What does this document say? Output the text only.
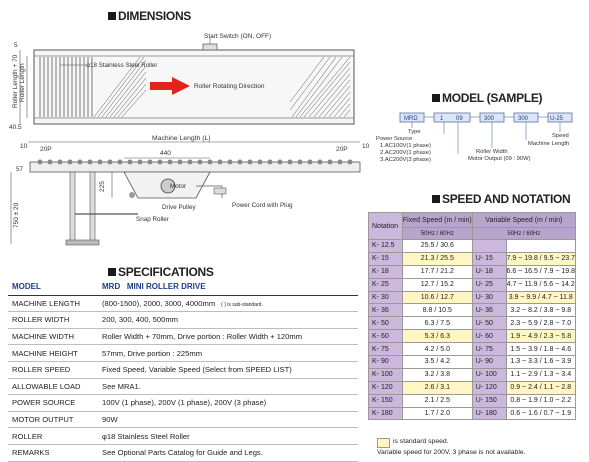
DIMENSIONS
MODEL (SAMPLE)
SPEED AND NOTATION
SPECIFICATIONS
Start Switch (ON, OFF)
φ18 Stainless Steel Roller
Roller Rotating Direction
5
40.5
Roller Length + 70 Roller Length
Machine Length (L)
10	10
20P	20P
440
57
225	Motor
Drive Pulley
Snap Roller
Power Cord with Plug
750 ± 20
MRD	1 09	300	300	U-25
Type
Power Source
1.AC100V(1 phase)
2.AC200V(1 phase)
3.AC200V(3 phase)
Roller Width
Motor Output (09 : 90W)
Speed
Machine Length
Notation	Fixed Speed (m / min)	Variable Speed (m / min)	
	50Hz / 60Hz	50Hz / 60Hz	
K- 12.5	25.5 / 30.6		
K- 15	21.3 / 25.5	U- 15	7.9 ~ 19.8 / 9.5 ~ 23.7
K- 18	17.7 / 21.2	U- 18	6.6 ~ 16.5 / 7.9 ~ 19.8
K- 25	12.7 / 15.2	U- 25	4.7 ~ 11.9 / 5.6 ~ 14.2
K- 30	10.6 / 12.7	U- 30	3.9 ~ 9.9 / 4.7 ~ 11.8
K- 36	8.8 / 10.5	U- 36	3.2 ~ 8.2 / 3.8 ~ 9.8
K- 50	6.3 / 7.5	U- 50	2.3 ~ 5.9 / 2.8 ~ 7.0
K- 60	5.3 / 6.3	U- 60	1.9 ~ 4.9 / 2.3 ~ 5.8
K- 75	4.2 / 5.0	U- 75	1.5 ~ 3.9 / 1.8 ~ 4.6
K- 90	3.5 / 4.2	U- 90	1.3 ~ 3.3 / 1.6 ~ 3.9
K- 100	3.2 / 3.8	U- 100	1.1 ~ 2.9 / 1.3 ~ 3.4
K- 120	2.6 / 3.1	U- 120	0.9 ~ 2.4 / 1.1 ~ 2.8
K- 150	2.1 / 2.5	U- 150	0.8 ~ 1.9 / 1.0 ~ 2.2
K- 180	1.7 / 2.0	U- 180	0.6 ~ 1.6 / 0.7 ~ 1.9
is standard speed.
Variable speed for 200V, 3 phase is not available.
MODEL	MRD MINI ROLLER DRIVE
MACHINE LENGTH	(800-1500), 2000, 3000, 4000mm ( ) is sub-standard.
ROLLER WIDTH	200, 300, 400, 500mm
MACHINE WIDTH	Roller Width + 70mm, Drive portion : Roller Width + 120mm
MACHINE HEIGHT	57mm, Drive portion : 225mm
ROLLER SPEED	Fixed Speed, Variable Speed (Select from SPEED LIST)
ALLOWABLE LOAD	See MRA1.
POWER SOURCE	100V (1 phase), 200V (1 phase), 200V (3 phase)
MOTOR OUTPUT	90W
ROLLER	φ18 Stainless Steel Roller
REMARKS	See Optional Parts Catalog for Guide and Legs.
